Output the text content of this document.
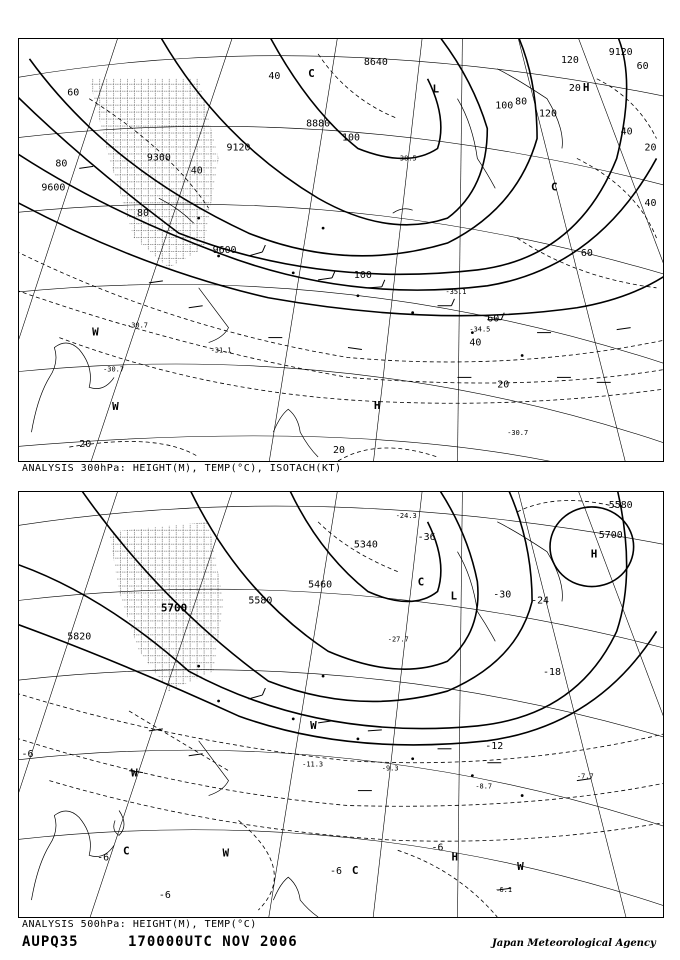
9600
9360
9120
8880
8640
9120
9600
60
80
40
100
120
60
80
100
20
40
20
40
60
40
20
20
20
40
60
80
100
120
C
L
C
H
W
W
H
-30.7
-30.7
-31.1
-30.7	-34.5
-35.1
-38.5
ANALYSIS 300hPa: HEIGHT(M), TEMP(°C), ISOTACH(KT)
5820
5700
5580
5460
5340
5580
5700
-36
-30
-24
-18
-12
-6
-6
-6
-6
-6
L
C
H
W
W
C	H
W
C
W
-9.3
-8.7
-7.7
-6.1
-11.3
-27.7
-24.3
ANALYSIS 500hPa: HEIGHT(M), TEMP(°C)
AUPQ35	170000UTC NOV 2006	Japan Meteorological Agency
